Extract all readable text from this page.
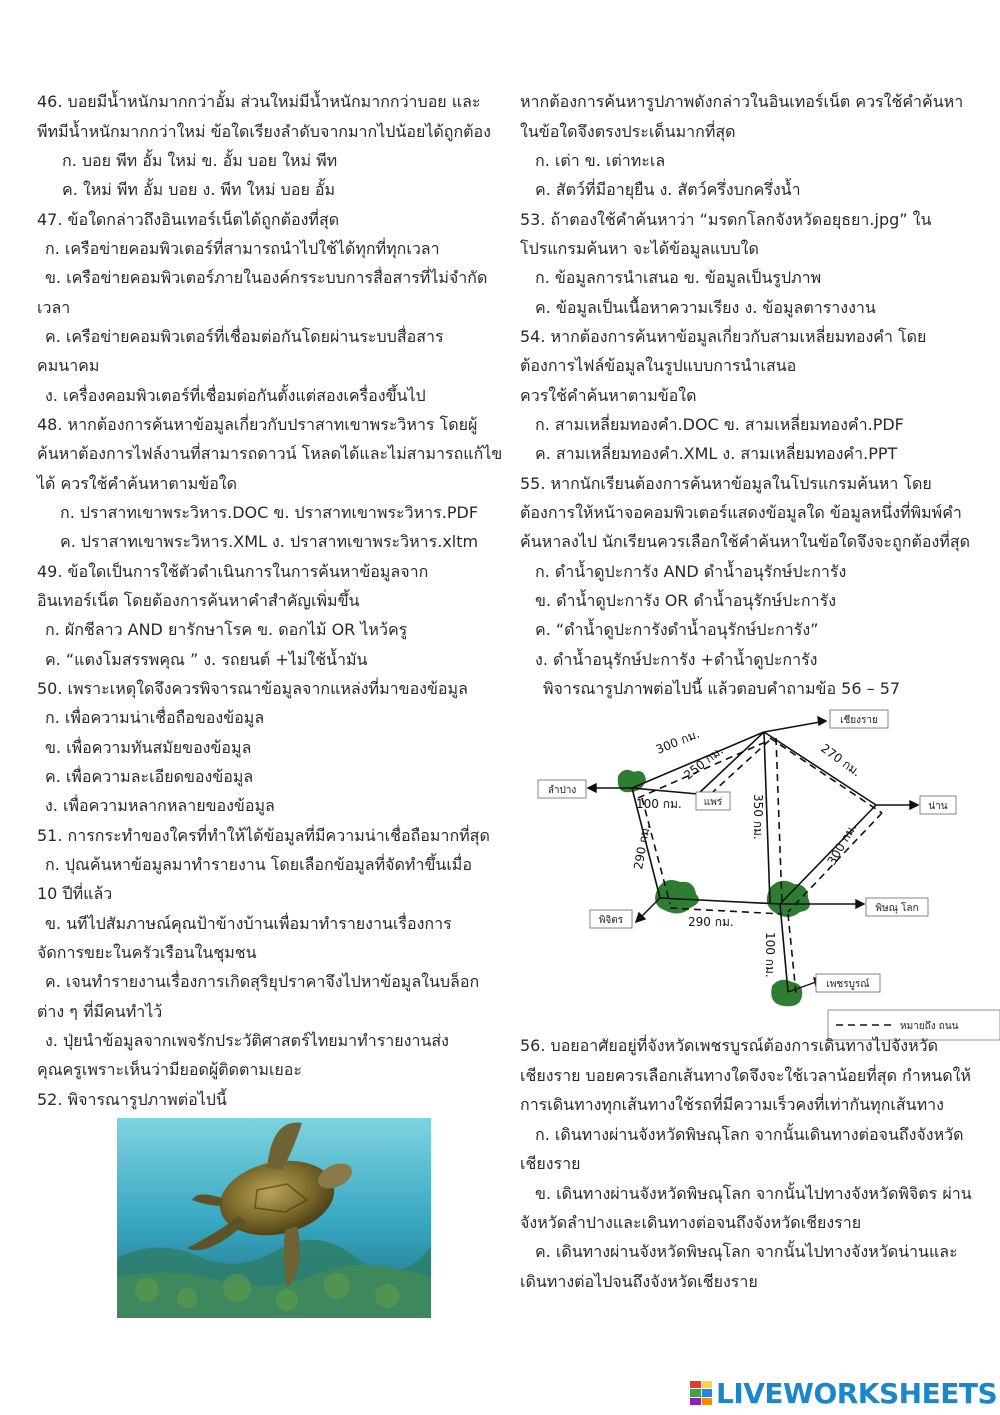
46. บอยมีน้ำหนักมากกว่าอั้ม ส่วนใหม่มีน้ำหนักมากกว่าบอย และ
พีทมีน้ำหนักมากกว่าใหม่ ข้อใดเรียงลำดับจากมากไปน้อยได้ถูกต้อง
ก. บอย พีท อั้ม ใหม่ ข. อั้ม บอย ใหม่ พีท
ค. ใหม่ พีท อั้ม บอย ง. พีท ใหม่ บอย อั้ม
47. ข้อใดกล่าวถึงอินเทอร์เน็ตได้ถูกต้องที่สุด
ก. เครือข่ายคอมพิวเตอร์ที่สามารถนำไปใช้ได้ทุกที่ทุกเวลา
ข. เครือข่ายคอมพิวเตอร์ภายในองค์กรระบบการสื่อสารที่ไม่จำกัด
เวลา
ค. เครือข่ายคอมพิวเตอร์ที่เชื่อมต่อกันโดยผ่านระบบสื่อสาร
คมนาคม
ง. เครื่องคอมพิวเตอร์ที่เชื่อมต่อกันตั้งแต่สองเครื่องขึ้นไป
48. หากต้องการค้นหาข้อมูลเกี่ยวกับปราสาทเขาพระวิหาร โดยผู้
ค้นหาต้องการไฟล์งานที่สามารถดาวน์ โหลดได้และไม่สามารถแก้ไข
ได้ ควรใช้คำค้นหาตามข้อใด
ก. ปราสาทเขาพระวิหาร.DOC ข. ปราสาทเขาพระวิหาร.PDF
ค. ปราสาทเขาพระวิหาร.XML ง. ปราสาทเขาพระวิหาร.xltm
49. ข้อใดเป็นการใช้ตัวดำเนินการในการค้นหาข้อมูลจาก
อินเทอร์เน็ต โดยต้องการค้นหาคำสำคัญเพิ่มขึ้น
ก. ผักชีลาว AND ยารักษาโรค ข. ดอกไม้ OR ไหว้ครู
ค. “แตงโมสรรพคุณ ” ง. รถยนต์ +ไม่ใช้น้ำมัน
50. เพราะเหตุใดจึงควรพิจารณาข้อมูลจากแหล่งที่มาของข้อมูล
ก. เพื่อความน่าเชื่อถือของข้อมูล
ข. เพื่อความทันสมัยของข้อมูล
ค. เพื่อความละเอียดของข้อมูล
ง. เพื่อความหลากหลายของข้อมูล
51. การกระทำของใครที่ทำให้ได้ข้อมูลที่มีความน่าเชื่อถือมากที่สุด
ก. ปุณค้นหาข้อมูลมาทำรายงาน โดยเลือกข้อมูลที่จัดทำขึ้นเมื่อ
10 ปีที่แล้ว
ข. นทีไปสัมภาษณ์คุณป้าข้างบ้านเพื่อมาทำรายงานเรื่องการ
จัดการขยะในครัวเรือนในชุมชน
ค. เจนทำรายงานเรื่องการเกิดสุริยุปราคาจึงไปหาข้อมูลในบล็อก
ต่าง ๆ ที่มีคนทำไว้
ง. ปุ่ยนำข้อมูลจากเพจรักประวัติศาสตร์ไทยมาทำรายงานส่ง
คุณครูเพราะเห็นว่ามียอดผู้ติดตามเยอะ
52. พิจารณารูปภาพต่อไปนี้
หากต้องการค้นหารูปภาพดังกล่าวในอินเทอร์เน็ต ควรใช้คำค้นหา
ในข้อใดจึงตรงประเด็นมากที่สุด
ก. เต่า ข. เต่าทะเล
ค. สัตว์ที่มีอายุยืน ง. สัตว์ครึ่งบกครึ่งน้ำ
53. ถ้าตองใช้คำค้นหาว่า “มรดกโลกจังหวัดอยุธยา.jpg” ใน
โปรแกรมค้นหา จะได้ข้อมูลแบบใด
ก. ข้อมูลการนำเสนอ ข. ข้อมูลเป็นรูปภาพ
ค. ข้อมูลเป็นเนื้อหาความเรียง ง. ข้อมูลตารางงาน
54. หากต้องการค้นหาข้อมูลเกี่ยวกับสามเหลี่ยมทองคำ โดย
ต้องการไฟล์ข้อมูลในรูปแบบการนำเสนอ
ควรใช้คำค้นหาตามข้อใด
ก. สามเหลี่ยมทองคำ.DOC ข. สามเหลี่ยมทองคำ.PDF
ค. สามเหลี่ยมทองคำ.XML ง. สามเหลี่ยมทองคำ.PPT
55. หากนักเรียนต้องการค้นหาข้อมูลในโปรแกรมค้นหา โดย
ต้องการให้หน้าจอคอมพิวเตอร์แสดงข้อมูลใด ข้อมูลหนึ่งที่พิมพ์คำ
ค้นหาลงไป นักเรียนควรเลือกใช้คำค้นหาในข้อใดจึงจะถูกต้องที่สุด
ก. ดำน้ำดูปะการัง AND ดำน้ำอนุรักษ์ปะการัง
ข. ดำน้ำดูปะการัง OR ดำน้ำอนุรักษ์ปะการัง
ค. “ดำน้ำดูปะการังดำน้ำอนุรักษ์ปะการัง”
ง. ดำน้ำอนุรักษ์ปะการัง +ดำน้ำดูปะการัง
พิจารณารูปภาพต่อไปนี้ แล้วตอบคำถามข้อ 56 – 57
เชียงราย
ลำปาง
แพร่	น่าน
พิจิตร
พิษณุ โลก
เพชรบูรณ์
300 กม.
250 กม.	270 กม.
100 กม.	350 กม.
290 กม.	300 กม.
290 กม.
100 กม.
หมายถึง ถนน
56. บอยอาศัยอยู่ที่จังหวัดเพชรบูรณ์ต้องการเดินทางไปจังหวัด
เชียงราย บอยควรเลือกเส้นทางใดจึงจะใช้เวลาน้อยที่สุด กำหนดให้
การเดินทางทุกเส้นทางใช้รถที่มีความเร็วคงที่เท่ากันทุกเส้นทาง
ก. เดินทางผ่านจังหวัดพิษณุโลก จากนั้นเดินทางต่อจนถึงจังหวัด
เชียงราย
ข. เดินทางผ่านจังหวัดพิษณุโลก จากนั้นไปทางจังหวัดพิจิตร ผ่าน
จังหวัดลำปางและเดินทางต่อจนถึงจังหวัดเชียงราย
ค. เดินทางผ่านจังหวัดพิษณุโลก จากนั้นไปทางจังหวัดน่านและ
เดินทางต่อไปจนถึงจังหวัดเชียงราย
LIVEWORKSHEETS
